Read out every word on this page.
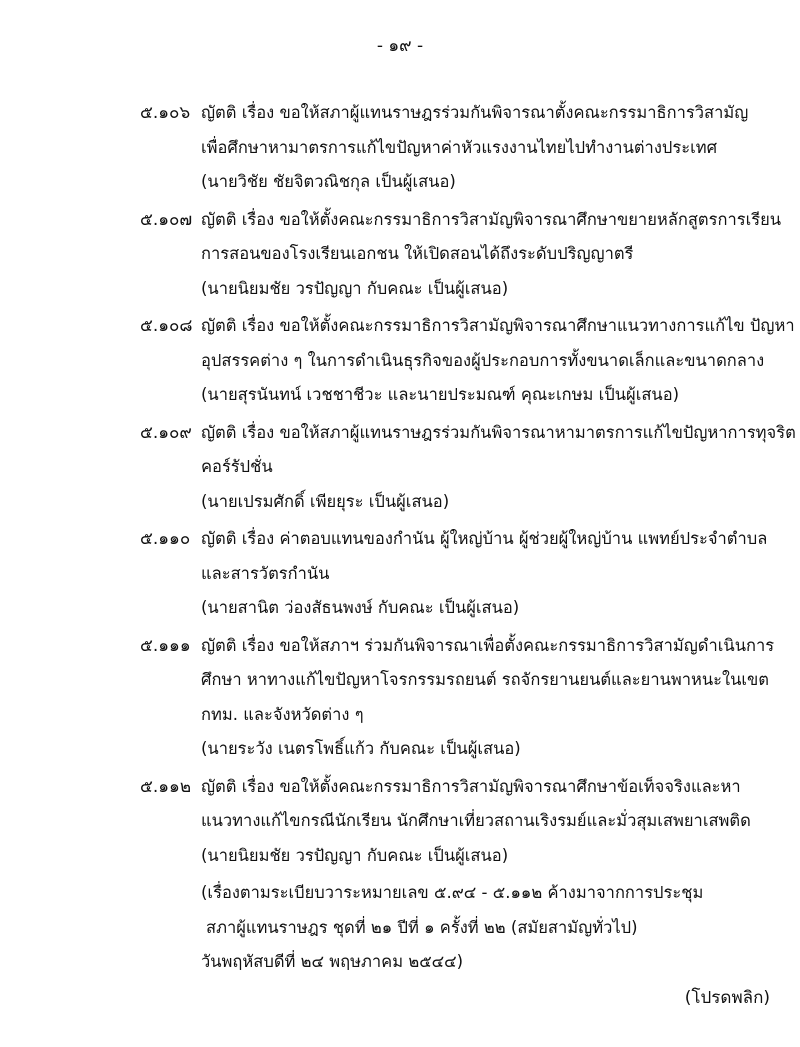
- ๑๙ -
๕.๑๐๖ ญัตติ เรื่อง ขอให้สภาผู้แทนราษฎรร่วมกันพิจารณาตั้งคณะกรรมาธิการวิสามัญ
เพื่อศึกษาหามาตรการแก้ไขปัญหาค่าหัวแรงงานไทยไปทำงานต่างประเทศ
(นายวิชัย ชัยจิตวณิชกุล เป็นผู้เสนอ)
๕.๑๐๗ ญัตติ เรื่อง ขอให้ตั้งคณะกรรมาธิการวิสามัญพิจารณาศึกษาขยายหลักสูตรการเรียน
การสอนของโรงเรียนเอกชน ให้เปิดสอนได้ถึงระดับปริญญาตรี
(นายนิยมชัย วรปัญญา กับคณะ เป็นผู้เสนอ)
๕.๑๐๘ ญัตติ เรื่อง ขอให้ตั้งคณะกรรมาธิการวิสามัญพิจารณาศึกษาแนวทางการแก้ไข ปัญหา
อุปสรรคต่าง ๆ ในการดำเนินธุรกิจของผู้ประกอบการทั้งขนาดเล็กและขนาดกลาง
(นายสุรนันทน์ เวชชาชีวะ และนายประมณฑ์ คุณะเกษม เป็นผู้เสนอ)
๕.๑๐๙ ญัตติ เรื่อง ขอให้สภาผู้แทนราษฎรร่วมกันพิจารณาหามาตรการแก้ไขปัญหาการทุจริต
คอร์รัปชั่น
(นายเปรมศักดิ์ เพียยุระ เป็นผู้เสนอ)
๕.๑๑๐ ญัตติ เรื่อง ค่าตอบแทนของกำนัน ผู้ใหญ่บ้าน ผู้ช่วยผู้ใหญ่บ้าน แพทย์ประจำตำบล
และสารวัตรกำนัน
(นายสานิต ว่องสัธนพงษ์ กับคณะ เป็นผู้เสนอ)
๕.๑๑๑ ญัตติ เรื่อง ขอให้สภาฯ ร่วมกันพิจารณาเพื่อตั้งคณะกรรมาธิการวิสามัญดำเนินการ
ศึกษา หาทางแก้ไขปัญหาโจรกรรมรถยนต์ รถจักรยานยนต์และยานพาหนะในเขต
กทม. และจังหวัดต่าง ๆ
(นายระวัง เนตรโพธิ์แก้ว กับคณะ เป็นผู้เสนอ)
๕.๑๑๒ ญัตติ เรื่อง ขอให้ตั้งคณะกรรมาธิการวิสามัญพิจารณาศึกษาข้อเท็จจริงและหา
แนวทางแก้ไขกรณีนักเรียน นักศึกษาเที่ยวสถานเริงรมย์และมั่วสุมเสพยาเสพติด
(นายนิยมชัย วรปัญญา กับคณะ เป็นผู้เสนอ)
(เรื่องตามระเบียบวาระหมายเลข ๕.๙๔ - ๕.๑๑๒ ค้างมาจากการประชุม
สภาผู้แทนราษฎร ชุดที่ ๒๑ ปีที่ ๑ ครั้งที่ ๒๒ (สมัยสามัญทั่วไป)
วันพฤหัสบดีที่ ๒๔ พฤษภาคม ๒๕๔๔)
(โปรดพลิก)
